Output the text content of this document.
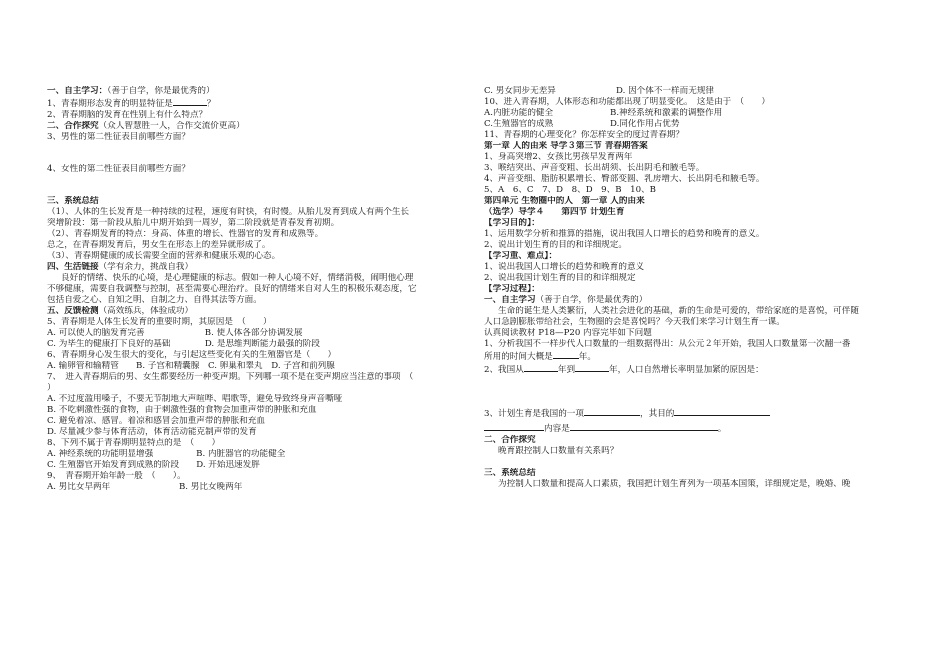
一、自主学习：（善于自学，你是最优秀的）
1、青春期形态发育的明显特征是	？
2、青春期脑的发育在性别上有什么特点？
二、合作探究（众人智慧胜一人，合作交流价更高）
3、男性的第二性征表目前哪些方面？
4、女性的第二性征表目前哪些方面？
三、系统总结
（1）、人体的生长发育是一种持续的过程，速度有时快，有时慢。从胎儿发育到成人有两个生长
突增阶段：第一阶段从胎儿中期开始到一周岁，第二阶段就是青春发育初期。
（2）、青春期发育的特点：身高、体重的增长、性器官的发育和成熟等。
总之，在青春期发育后，男女生在形态上的差异就形成了。
（3）、青春期健康的成长需要全面的营养和健康乐观的心态。
四、生活链接（学有余力，挑战自我）
良好的情绪、快乐的心境，是心理健康的标志。假如一种人心境不好，情绪消极，闹明他心理
不够健康，需要自我调整与控制，甚至需要心理治疗。良好的情绪来自对人生的积极乐观态度，它
包括自爱之心、自知之明、自制之力、自得其法等方面。
五、反馈检测（高效练兵，体验成功）
5、青春期是人体生长发育的重要时期，其原因是　（　　）
A. 可以使人的脑发育完善　　　　　　　B. 使人体各部分协调发展
C. 为毕生的健康打下良好的基础　　　　D. 是思维判断能力最强的阶段
6、青春期身心发生很大的变化，与引起这些变化有关的生殖器官是（　　）
A. 输卵管和输精管　　B. 子宫和精囊腺　C. 卵巢和睾丸　D. 子宫和前列腺
7、　进入青春期后的男、女生都要经历一种变声期。下列哪一项不是在变声期应当注意的事项　（
）
A. 不过度滥用嗓子，不要无节制地大声喧哗、唱歌等，避免导致终身声音嘶哑
B. 不吃刺激性强的食物，由于刺激性强的食物会加重声带的肿胀和充血
C. 避免着凉、感冒。着凉和感冒会加重声带的肿胀和充血
D. 尽量减少参与体育活动，体育活动能克制声带的发育
8、下列不属于青春期明显特点的是　（　　）
A. 神经系统的功能明显增强　　　　　B. 内脏器官的功能健全
C. 生殖器官开始发育到成熟的阶段　　D. 开始迅速发胖
9、　青春期开始年龄一般　（　　）。
A. 男比女早两年　　　　　　　　B. 男比女晚两年
C. 男女同步无差异　　　　　　　D. 因个体不一样而无规律
10、进入青春期，人体形态和功能都出现了明显变化。　这是由于　（　　）
A.内脏功能的健全	B.神经系统和激素的调整作用
C.生殖器官的成熟	D.同化作用占优势
11、青春期的心理变化？你怎样安全的度过青春期？
第一章 人的由来 导学３第三节 青春期答案
1、身高突增2、女孩比男孩早发育两年
3、喉结突出、声音变粗、长出胡须、长出阴毛和腋毛等。
4、声音变细、脂肪积累增长、臀部变圆、乳房增大、长出阴毛和腋毛等。
5、A　6、C　7、D　8、D　9、B　10、B
第四单元 生物圈中的人　第一章 人的由来
（选学）导学４　　第四节 计划生育
【学习目的】：
1、运用数学分析和推算的措施，说出我国人口增长的趋势和晚育的意义。
2、说出计划生育的目的和详细规定。
【学习重、难点】：
1、说出我国人口增长的趋势和晚育的意义
2、说出我国计划生育的目的和详细规定
【学习过程】：
一、自主学习（善于自学，你是最优秀的）
生命的诞生是人类繁衍，人类社会进化的基础，新的生命是可爱的，带给家庭的是喜悦，可伴随
人口急剧膨胀带给社会，生物圈的会是喜悦吗？今天我们来学习计划生育一课。
认真阅读教材 P18—P20 内容完毕如下问题
1、分析我国不一样步代人口数量的一组数据得出：从公元２年开始，我国人口数量第一次翻一番
所用的时间大概是	年。
2、我国从	年到	年，人口自然增长率明显加紧的原因是：
3、计划生育是我国的一项	，其目的
内容是	。
二、合作探究
晚育跟控制人口数量有关系吗？
三、系统总结
为控制人口数量和提高人口素质，我国把计划生育列为一项基本国策，详细规定是，晚婚、晚
